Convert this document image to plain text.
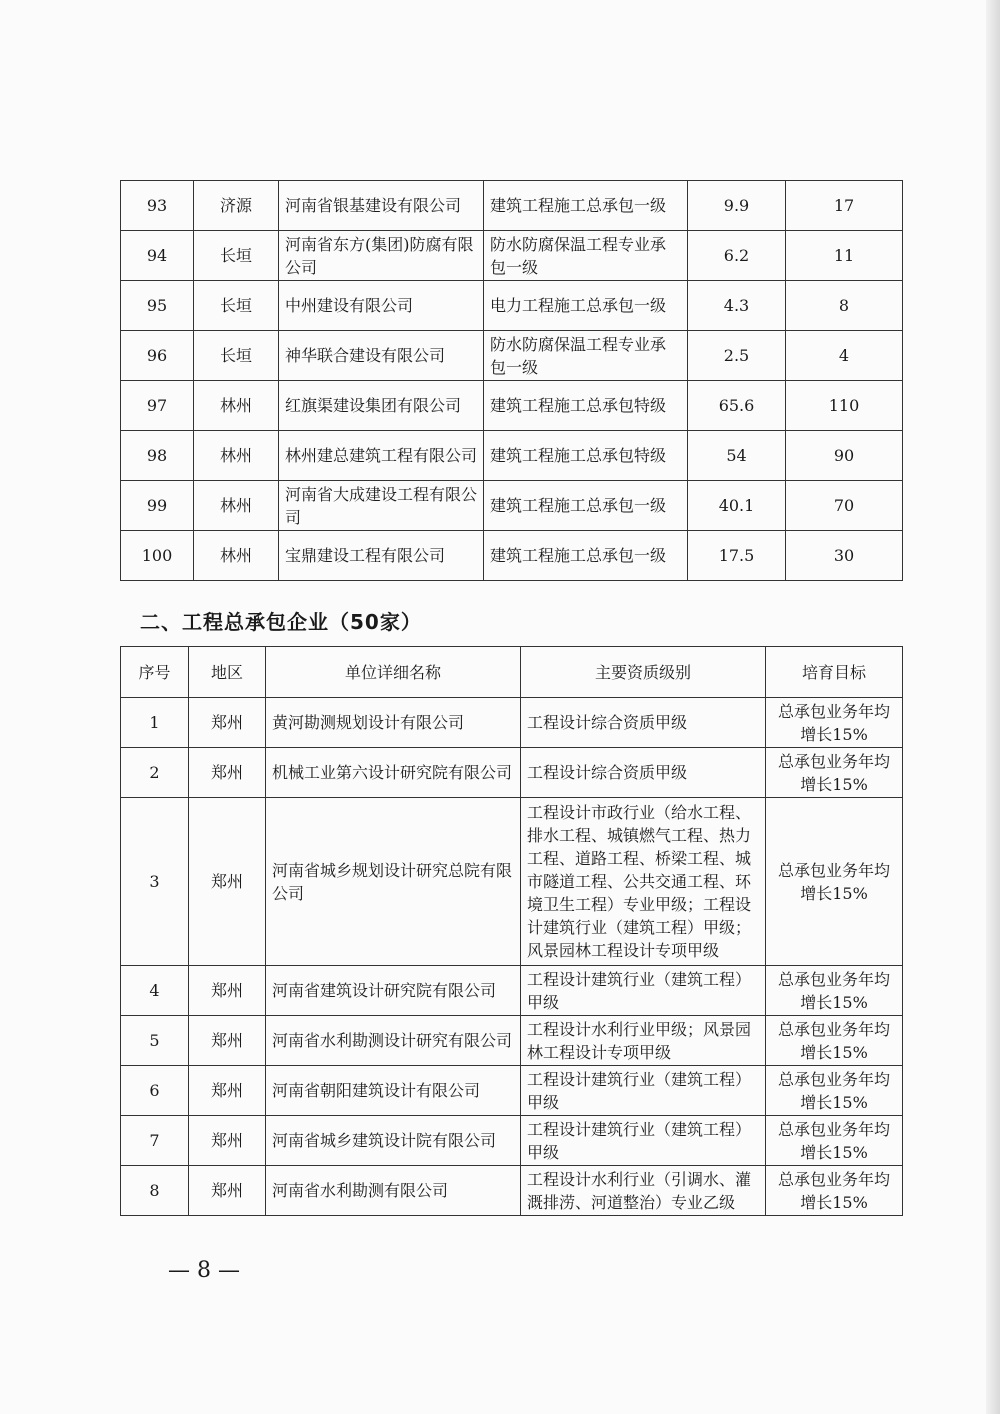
93	济源	河南省银基建设有限公司	建筑工程施工总承包一级	9.9	17
94	长垣	河南省东方(集团)防腐有限公司	防水防腐保温工程专业承包一级	6.2	11
95	长垣	中州建设有限公司	电力工程施工总承包一级	4.3	8
96	长垣	神华联合建设有限公司	防水防腐保温工程专业承包一级	2.5	4
97	林州	红旗渠建设集团有限公司	建筑工程施工总承包特级	65.6	110
98	林州	林州建总建筑工程有限公司	建筑工程施工总承包特级	54	90
99	林州	河南省大成建设工程有限公司	建筑工程施工总承包一级	40.1	70
100	林州	宝鼎建设工程有限公司	建筑工程施工总承包一级	17.5	30
二、工程总承包企业（50家）
序号	地区	单位详细名称	主要资质级别	培育目标
1	郑州	黄河勘测规划设计有限公司	工程设计综合资质甲级	总承包业务年均增长15%
2	郑州	机械工业第六设计研究院有限公司	工程设计综合资质甲级	总承包业务年均增长15%
3	郑州	河南省城乡规划设计研究总院有限公司	工程设计市政行业（给水工程、排水工程、城镇燃气工程、热力工程、道路工程、桥梁工程、城市隧道工程、公共交通工程、环境卫生工程）专业甲级；工程设计建筑行业（建筑工程）甲级；风景园林工程设计专项甲级	总承包业务年均增长15%
4	郑州	河南省建筑设计研究院有限公司	工程设计建筑行业（建筑工程）甲级	总承包业务年均增长15%
5	郑州	河南省水利勘测设计研究有限公司	工程设计水利行业甲级；风景园林工程设计专项甲级	总承包业务年均增长15%
6	郑州	河南省朝阳建筑设计有限公司	工程设计建筑行业（建筑工程）甲级	总承包业务年均增长15%
7	郑州	河南省城乡建筑设计院有限公司	工程设计建筑行业（建筑工程）甲级	总承包业务年均增长15%
8	郑州	河南省水利勘测有限公司	工程设计水利行业（引调水、灌溉排涝、河道整治）专业乙级	总承包业务年均增长15%
— 8 —
